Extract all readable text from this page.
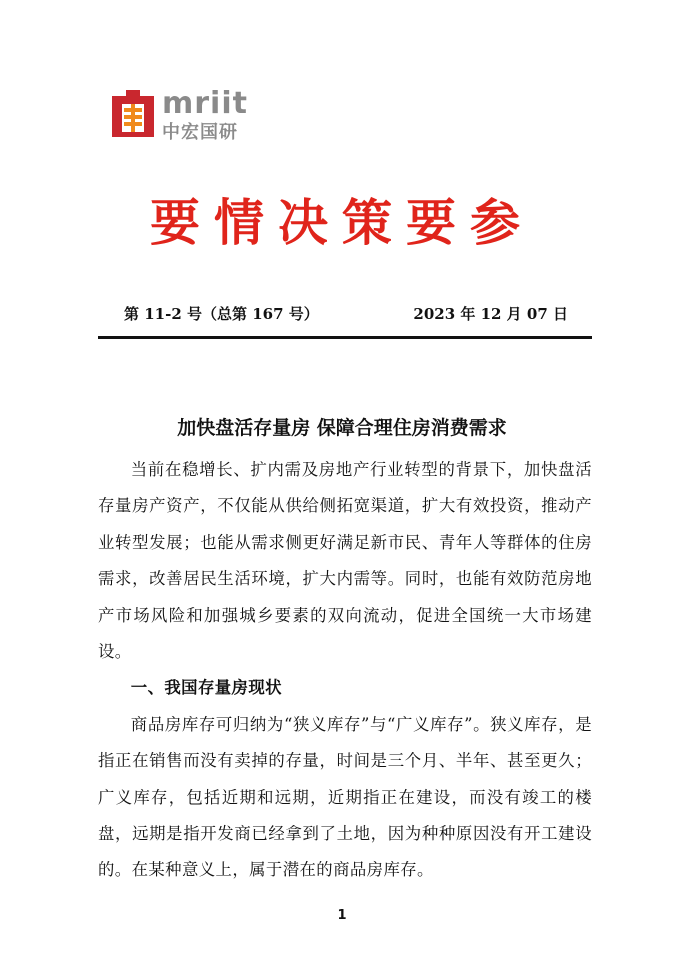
mriit
中宏国研
要情决策要参
第 11-2 号（总第 167 号）	2023 年 12 月 07 日
加快盘活存量房 保障合理住房消费需求

当前在稳增长、扩内需及房地产行业转型的背景下，加快盘活存量房产资产，不仅能从供给侧拓宽渠道，扩大有效投资，推动产业转型发展；也能从需求侧更好满足新市民、青年人等群体的住房需求，改善居民生活环境，扩大内需等。同时，也能有效防范房地产市场风险和加强城乡要素的双向流动，促进全国统一大市场建设。

一、我国存量房现状

商品房库存可归纳为“狭义库存”与“广义库存”。狭义库存，是指正在销售而没有卖掉的存量，时间是三个月、半年、甚至更久；广义库存，包括近期和远期，近期指正在建设，而没有竣工的楼盘，远期是指开发商已经拿到了土地，因为种种原因没有开工建设的。在某种意义上，属于潜在的商品房库存。

1
